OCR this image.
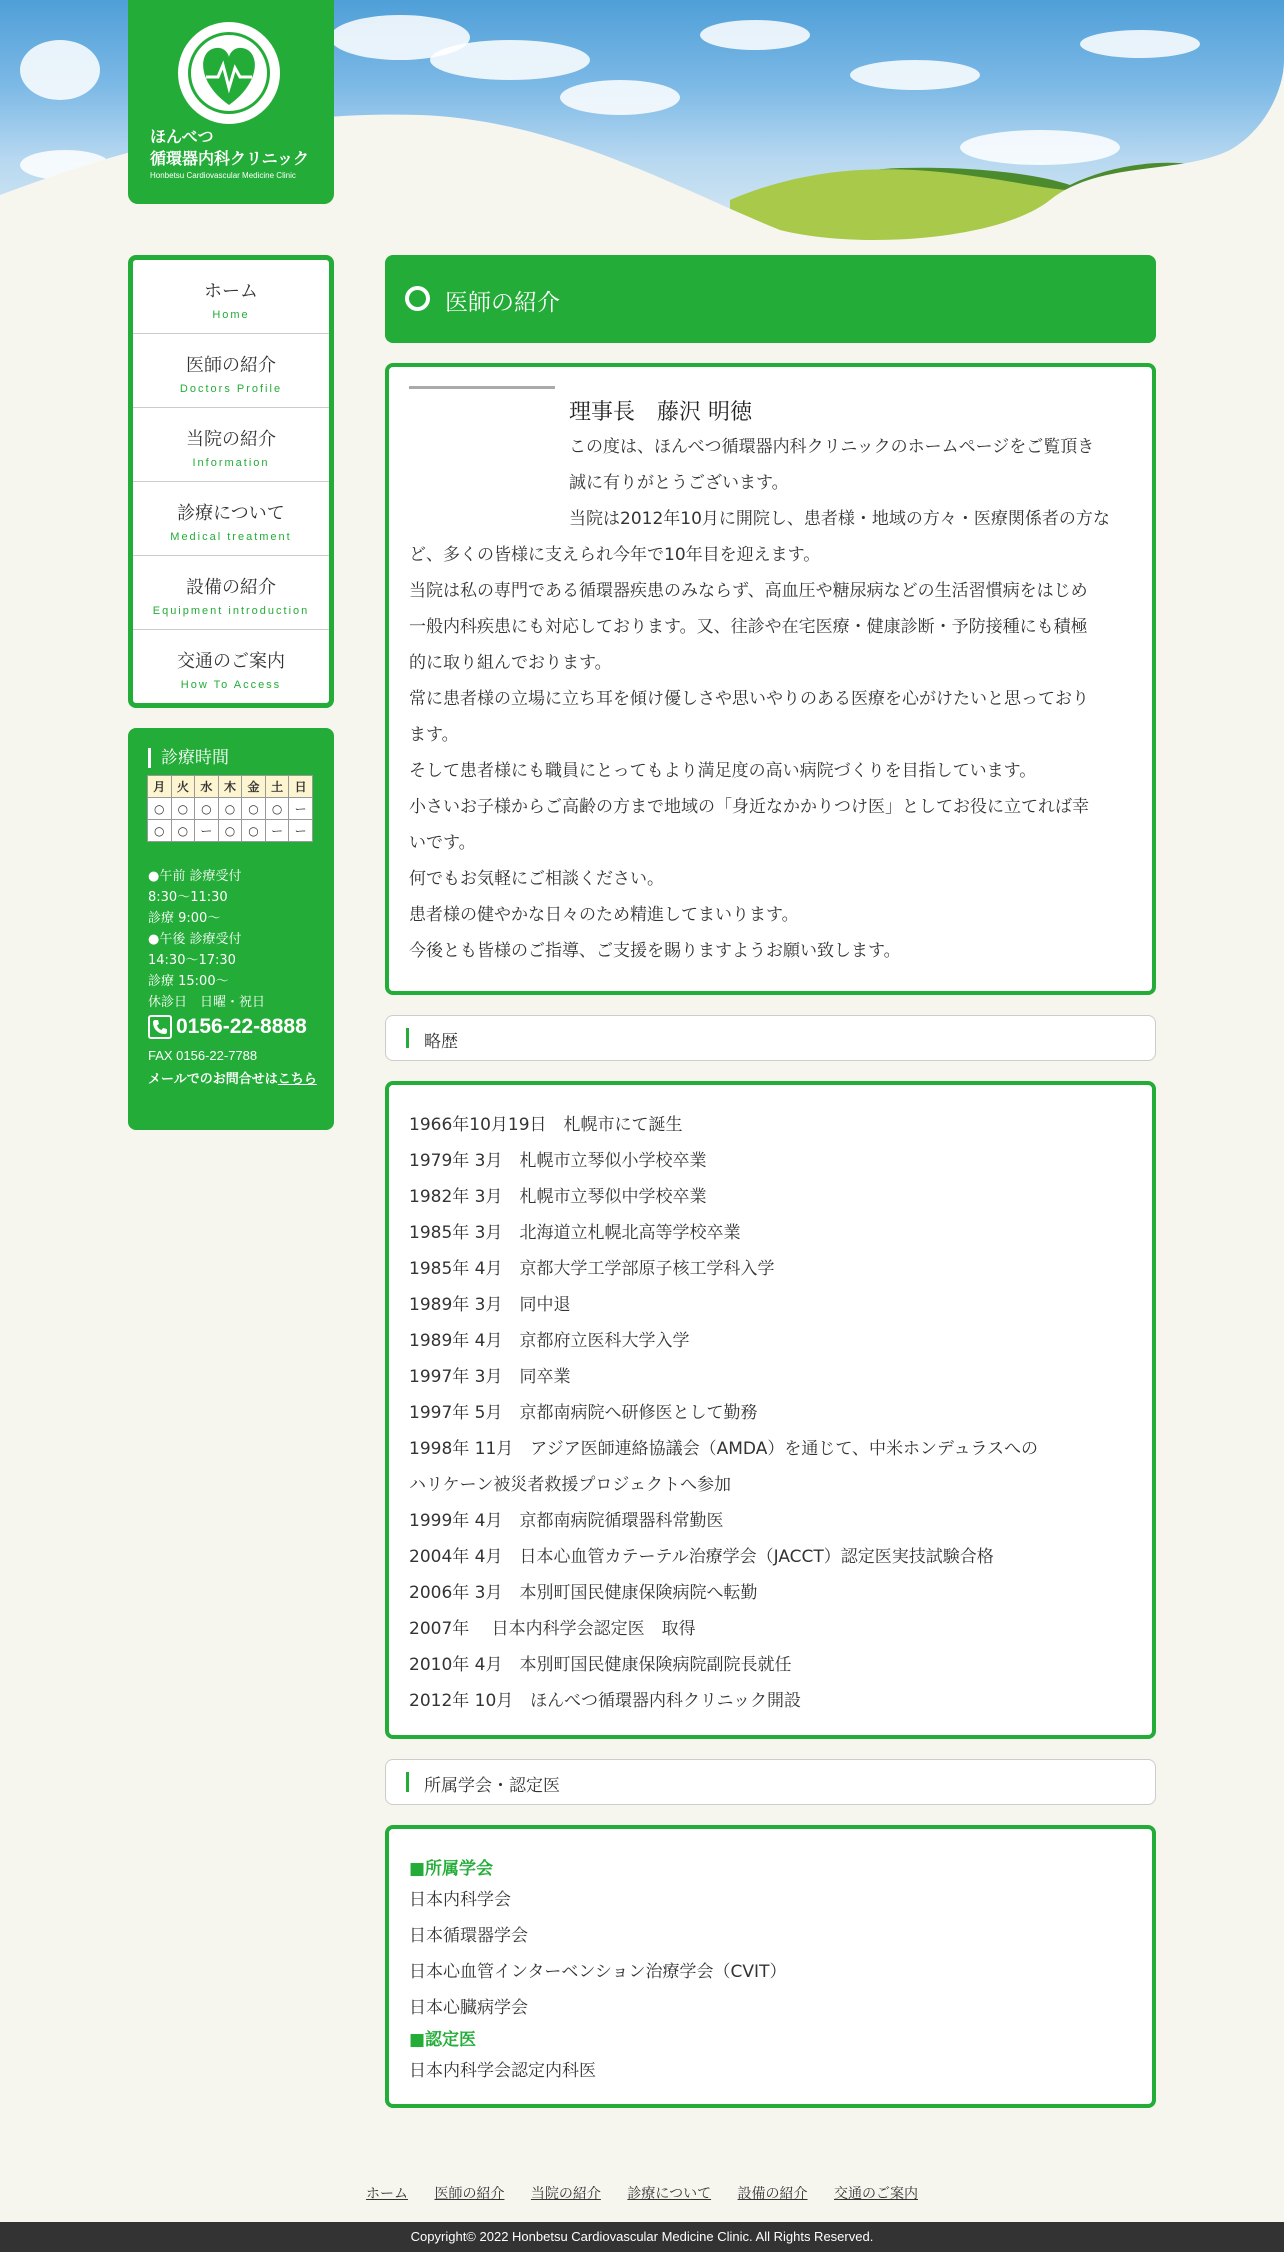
ほんべつ
循環器内科クリニック
Honbetsu Cardiovascular Medicine Clinic
ホーム
Home
医師の紹介
Doctors Profile
当院の紹介
Information
診療について
Medical treatment
設備の紹介
Equipment introduction
交通のご案内
How To Access
診療時間
月	火	水	木	金	土	日
○	○	○	○	○	○	ー
○	○	ー	○	○	ー	ー
●午前 診療受付
8:30〜11:30
診療 9:00〜
●午後 診療受付
14:30〜17:30
診療 15:00〜
休診日　日曜・祝日
0156-22-8888
FAX 0156-22-7788
メールでのお問合せはこちら
医師の紹介
理事長　藤沢 明徳
この度は、ほんべつ循環器内科クリニックのホームページをご覧頂き
誠に有りがとうございます。
当院は2012年10月に開院し、患者様・地域の方々・医療関係者の方な
ど、多くの皆様に支えられ今年で10年目を迎えます。
当院は私の専門である循環器疾患のみならず、高血圧や糖尿病などの生活習慣病をはじめ
一般内科疾患にも対応しております。又、往診や在宅医療・健康診断・予防接種にも積極
的に取り組んでおります。
常に患者様の立場に立ち耳を傾け優しさや思いやりのある医療を心がけたいと思っており
ます。
そして患者様にも職員にとってもより満足度の高い病院づくりを目指しています。
小さいお子様からご高齢の方まで地域の「身近なかかりつけ医」としてお役に立てれば幸
いです。
何でもお気軽にご相談ください。
患者様の健やかな日々のため精進してまいります。
今後とも皆様のご指導、ご支援を賜りますようお願い致します。
略歴
1966年10月19日　札幌市にて誕生
1979年 3月　札幌市立琴似小学校卒業
1982年 3月　札幌市立琴似中学校卒業
1985年 3月　北海道立札幌北高等学校卒業
1985年 4月　京都大学工学部原子核工学科入学
1989年 3月　同中退
1989年 4月　京都府立医科大学入学
1997年 3月　同卒業
1997年 5月　京都南病院へ研修医として勤務
1998年 11月　アジア医師連絡協議会（AMDA）を通じて、中米ホンデュラスへの
ハリケーン被災者救援プロジェクトへ参加
1999年 4月　京都南病院循環器科常勤医
2004年 4月　日本心血管カテーテル治療学会（JACCT）認定医実技試験合格
2006年 3月　本別町国民健康保険病院へ転勤
2007年　 日本内科学会認定医　取得
2010年 4月　本別町国民健康保険病院副院長就任
2012年 10月　ほんべつ循環器内科クリニック開設
所属学会・認定医
■所属学会
日本内科学会
日本循環器学会
日本心血管インターベンション治療学会（CVIT）
日本心臓病学会
■認定医
日本内科学会認定内科医
ホーム 医師の紹介 当院の紹介 診療について 設備の紹介 交通のご案内
Copyright© 2022 Honbetsu Cardiovascular Medicine Clinic. All Rights Reserved.
